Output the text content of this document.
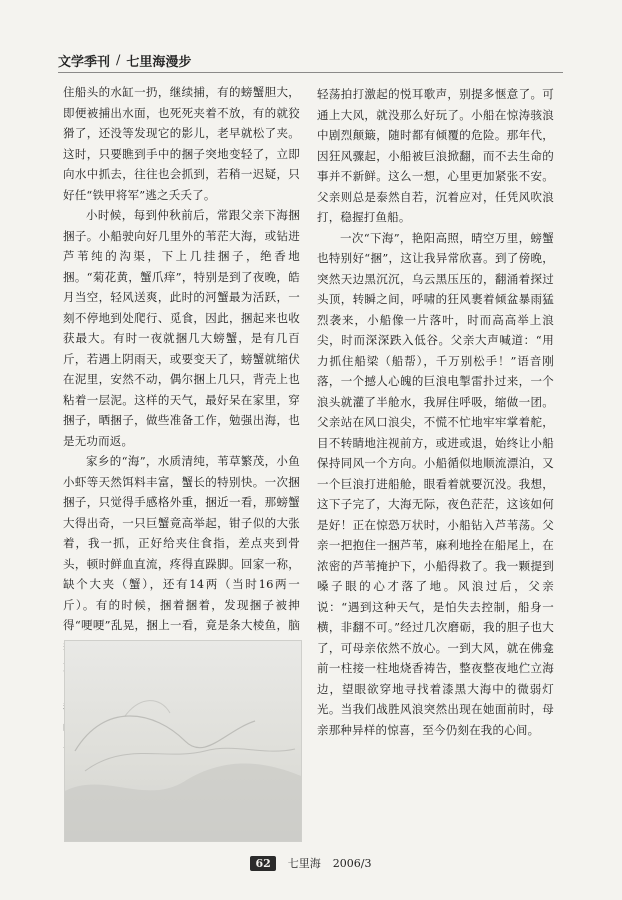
文学季刊 / 七里海漫步

住船头的水缸一扔，继续捕，有的螃蟹胆大，即便被捕出水面，也死死夹着不放，有的就狡猾了，还没等发现它的影儿，老早就松了夹。这时，只要瞧到手中的捆子突地变轻了，立即向水中抓去，往往也会抓到，若稍一迟疑，只好任“铁甲将军”逃之夭夭了。

小时候，每到仲秋前后，常跟父亲下海捆捆子。小船驶向好几里外的苇茫大海，或钻进芦苇纯的沟渠，下上几挂捆子，绝香地捆。“菊花黄，蟹爪痒”，特别是到了夜晚，皓月当空，轻风送爽，此时的河蟹最为活跃，一刻不停地到处爬行、觅食，因此，捆起来也收获最大。有时一夜就捆几大螃蟹，是有几百斤，若遇上阴雨天，或要变天了，螃蟹就缩伏在泥里，安然不动，偶尔捆上几只，背壳上也粘着一层泥。这样的天气，最好呆在家里，穿捆子，晒捆子，做些准备工作，勉强出海，也是无功而返。

家乡的“海”，水质清纯，苇草繁茂，小鱼小虾等天然饵料丰富，蟹长的特别快。一次捆捆子，只觉得手感格外重，捆近一看，那螃蟹大得出奇，一只巨蟹竟高举起，钳子似的大张着，我一抓，正好给夹住食指，差点夹到骨头，顿时鲜血直流，疼得直跺脚。回家一称，缺个大夹（蟹），还有14两（当时16两一斤）。有的时候，捆着捆着，发现捆子被抻得“哽哽”乱晃，捆上一看，竟是条大棱鱼，脑

轻荡拍打激起的悦耳歌声，别提多惬意了。可通上大风，就没那么好玩了。小船在惊涛骇浪中剧烈颠簸，随时都有倾覆的危险。那年代，因狂风骤起，小船被巨浪掀翻，而不去生命的事并不新鲜。这么一想，心里更加紧张不安。父亲则总是泰然自若，沉着应对，任凭风吹浪打，稳握打鱼船。

一次“下海”，艳阳高照，晴空万里，螃蟹也特别好“捆”，这让我异常欣喜。到了傍晚，突然天边黑沉沉，乌云黑压压的，翻涌着探过头顶，转瞬之间，呼啸的狂风裹着倾盆暴雨猛烈袭来，小船像一片落叶，时而高高举上浪尖，时而深深跌入低谷。父亲大声喊道：“用力抓住船梁（船帮），千万别松手！”语音刚落，一个撼人心魄的巨浪电掣雷扑过来，一个浪头就灌了半舱水，我屏住呼吸，缩做一团。父亲站在风口浪尖，不慌不忙地牢牢掌着舵，目不转睛地注视前方，或进或退，始终让小船保持同风一个方向。小船循似地顺流漂泊，又一个巨浪打进船舱，眼看着就要沉没。我想，这下子完了，大海无际，夜色茫茫，这该如何是好！正在惊恐万状时，小船钻入芦苇荡。父亲一把抱住一捆芦苇，麻利地拴在船尾上，在浓密的芦苇掩护下，小船得救了。我一颗提到嗓子眼的心才落了地。风浪过后，父亲说：“遇到这种天气，是怕失去控制，船身一横，非翻不可。”经过几次磨砺，我的胆子也大了，可母亲依然不放心。一到大风，就在佛龛前一柱接一柱地烧香祷告，整夜整夜地伫立海边，望眼欲穿地寻找着漆黑大海中的微弱灯光。当我们战胜风浪突然出现在她面前时，母亲那种异样的惊喜，至今仍刻在我的心间。

62	七里海 2006/3
